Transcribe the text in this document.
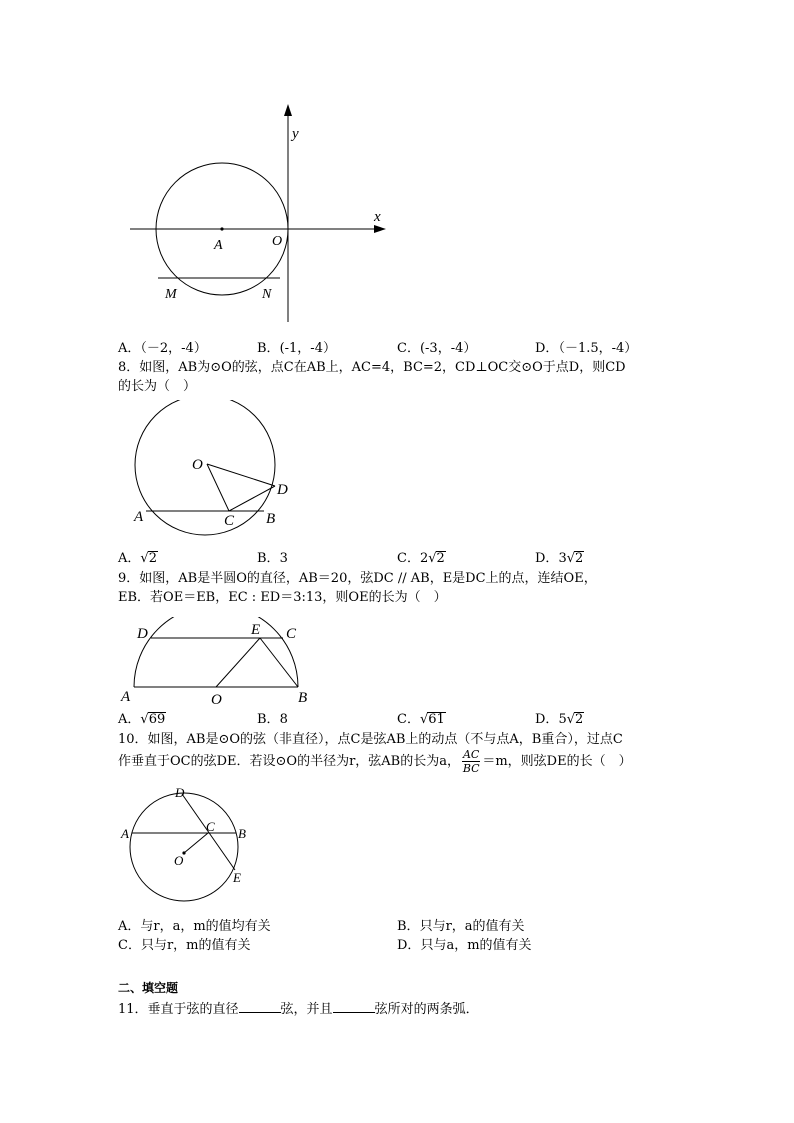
y
x
A	O
M	N
A．（－2，-4）	B．(-1，-4）	C．(-3，-4）	D．（－1.5，-4）
8．如图，AB为⊙O的弦，点C在AB上，AC=4，BC=2，CD⊥OC交⊙O于点D，则CD
的长为（　）
O
D
A	C B
A．√2	B．3	C．2√2	D．3√2
9．如图，AB是半圆O的直径，AB＝20，弦DC // AB，E是DC上的点，连结OE，
EB．若OE＝EB，EC : ED＝3:13，则OE的长为（　）
D	E C
A	O	B
A．√69	B．8	C．√61	D．5√2
10．如图，AB是⊙O的弦（非直径），点C是弦AB上的动点（不与点A，B重合），过点C
作垂直于OC的弦DE．若设⊙O的半径为r，弦AB的长为a， $\frac{AC}{BC} =m$，则弦DE的长（　）
D
A	C B
O
E
A．与r，a，m的值均有关	B．只与r，a的值有关
C．只与r，m的值有关	D．只与a，m的值有关
二、填空题
11．垂直于弦的直径	弦，并且	弦所对的两条弧．
